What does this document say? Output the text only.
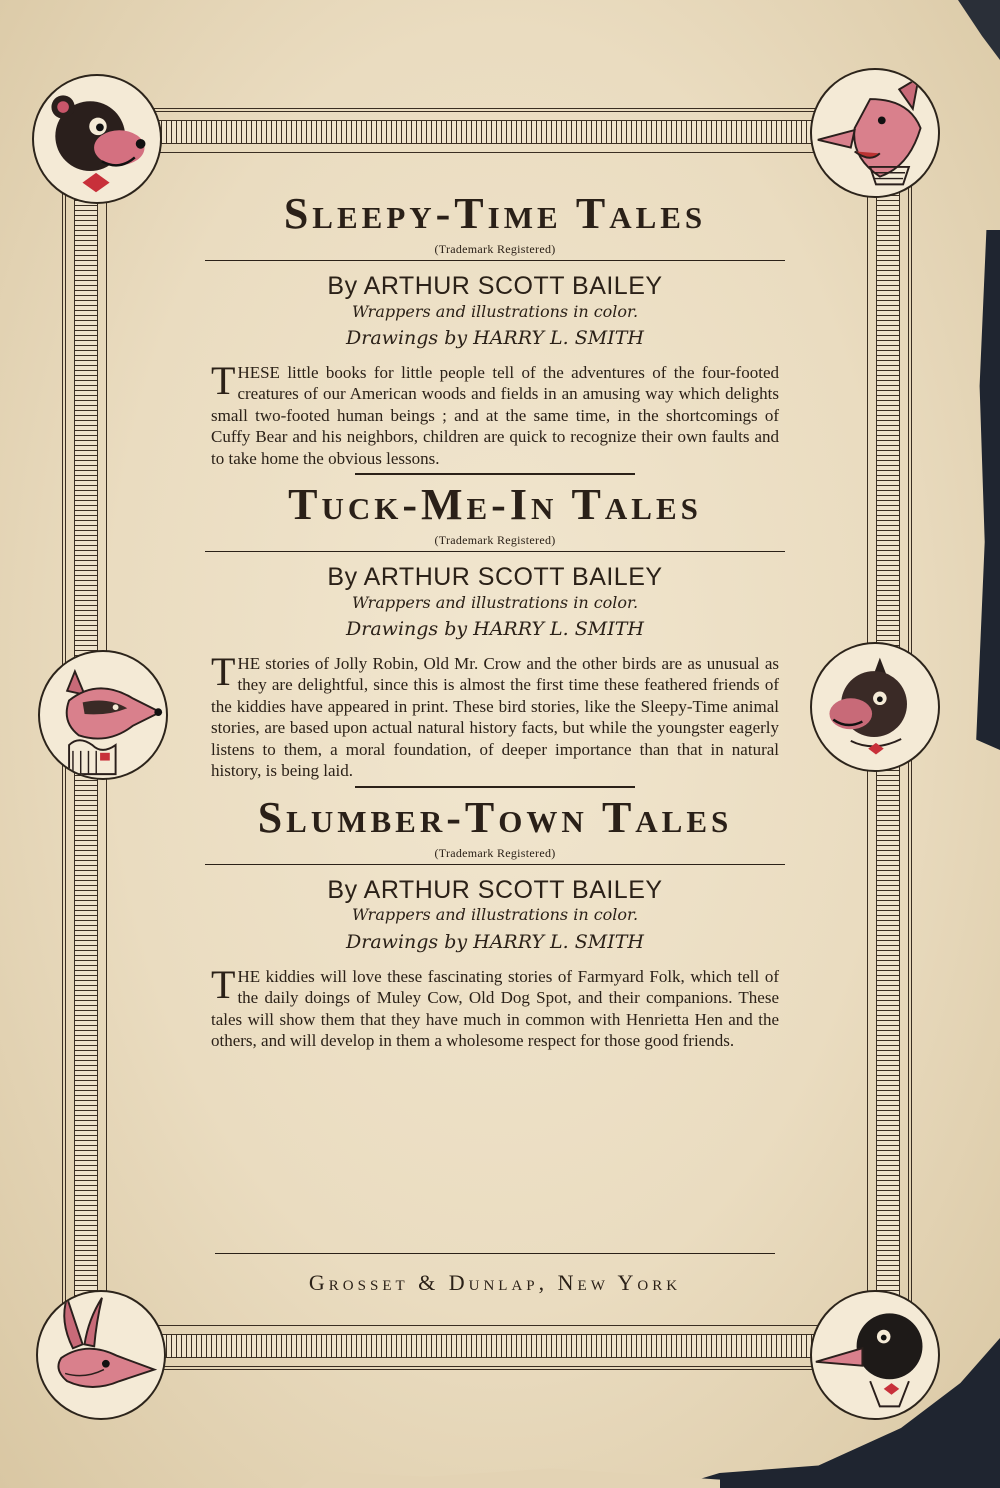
Sleepy-Time Tales
(Trademark Registered)
By ARTHUR SCOTT BAILEY
Wrappers and illustrations in color.
Drawings by HARRY L. SMITH
THESE little books for little people tell of the adventures of the four-footed creatures of our American woods and fields in an amusing way which delights small two-footed human beings ; and at the same time, in the shortcomings of Cuffy Bear and his neighbors, children are quick to recognize their own faults and to take home the obvious lessons.
Tuck-Me-In Tales
(Trademark Registered)
By ARTHUR SCOTT BAILEY
Wrappers and illustrations in color.
Drawings by HARRY L. SMITH
THE stories of Jolly Robin, Old Mr. Crow and the other birds are as unusual as they are delightful, since this is almost the first time these feathered friends of the kiddies have appeared in print. These bird stories, like the Sleepy-Time animal stories, are based upon actual natural history facts, but while the youngster eagerly listens to them, a moral foundation, of deeper importance than that in natural history, is being laid.
Slumber-Town Tales
(Trademark Registered)
By ARTHUR SCOTT BAILEY
Wrappers and illustrations in color.
Drawings by HARRY L. SMITH
THE kiddies will love these fascinating stories of Farmyard Folk, which tell of the daily doings of Muley Cow, Old Dog Spot, and their companions. These tales will show them that they have much in common with Henrietta Hen and the others, and will develop in them a wholesome respect for those good friends.
Grosset & Dunlap, New York
